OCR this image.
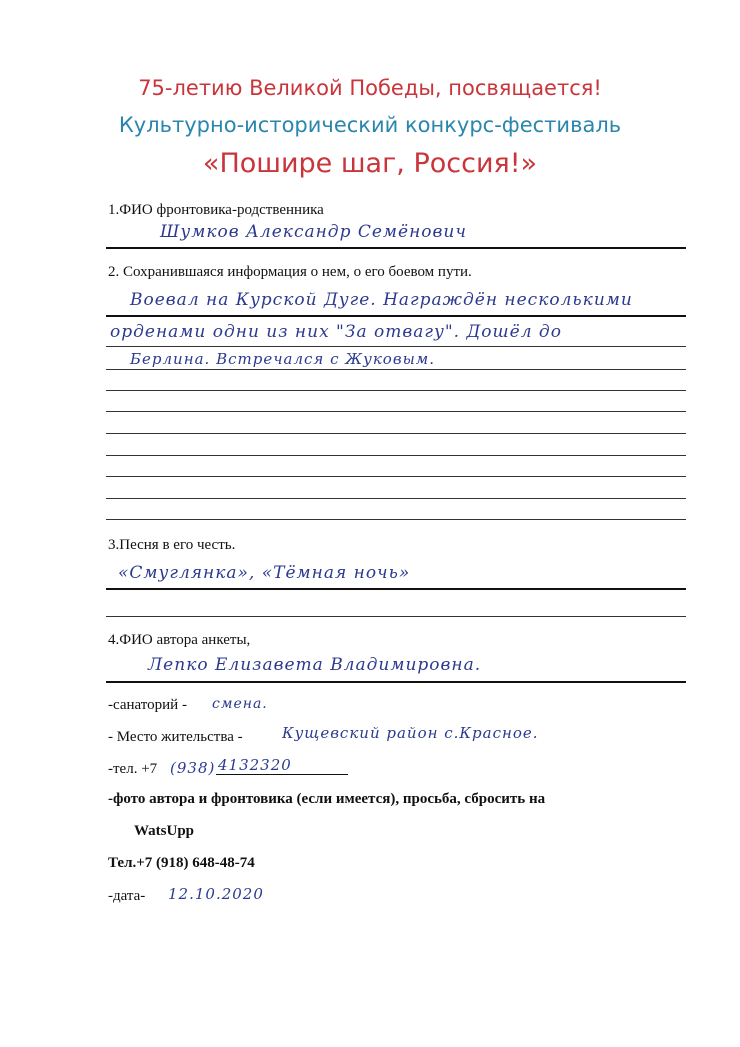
75-летию Великой Победы, посвящается!
Культурно-исторический конкурс-фестиваль
«Пошире шаг, Россия!»
1.ФИО фронтовика-родственника
Шумков Александр Семёнович
2. Сохранившаяся информация о нем, о его боевом пути.
Воевал на Курской Дуге. Награждён несколькими
орденами одни из них "За отвагу". Дошёл до
Берлина. Встречался с Жуковым.
3.Песня в его честь.
«Смуглянка», «Тёмная ночь»
4.ФИО автора анкеты,
Лепко Елизавета Владимировна.
-санаторий - смена.
- Место жительства -	Кущевский район с.Красное.
-тел. +7 (938) 4132320
-фото автора и фронтовика (если имеется), просьба, сбросить на
WatsUpp
Тел.+7 (918) 648-48-74
-дата- 12.10.2020
